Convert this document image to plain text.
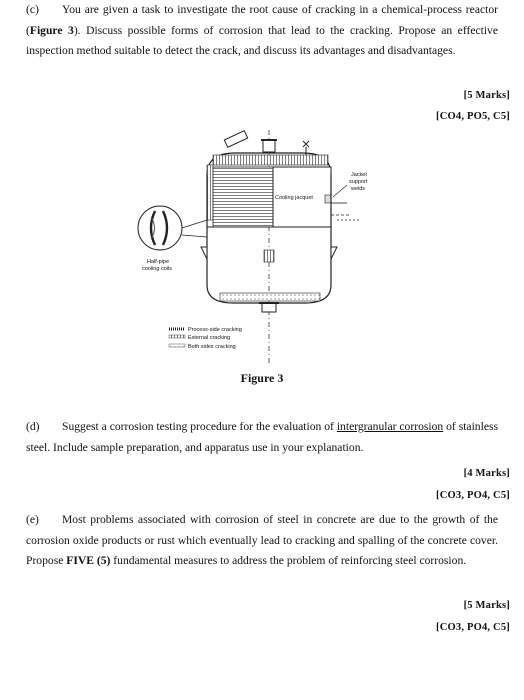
(c) You are given a task to investigate the root cause of cracking in a chemical-process reactor (Figure 3). Discuss possible forms of corrosion that lead to the cracking. Propose an effective inspection method suitable to detect the crack, and discuss its advantages and disadvantages.
[5 Marks]
[CO4, PO5, C5]
Cooling jacquet
Jacket
support
welds
Half-pipe
cooling coils
Process-side cracking
External cracking
Both sides cracking
Figure 3
(d) Suggest a corrosion testing procedure for the evaluation of intergranular corrosion of stainless steel. Include sample preparation, and apparatus use in your explanation.
[4 Marks]
[CO3, PO4, C5]
(e) Most problems associated with corrosion of steel in concrete are due to the growth of the corrosion oxide products or rust which eventually lead to cracking and spalling of the concrete cover. Propose FIVE (5) fundamental measures to address the problem of reinforcing steel corrosion.
[5 Marks]
[CO3, PO4, C5]
